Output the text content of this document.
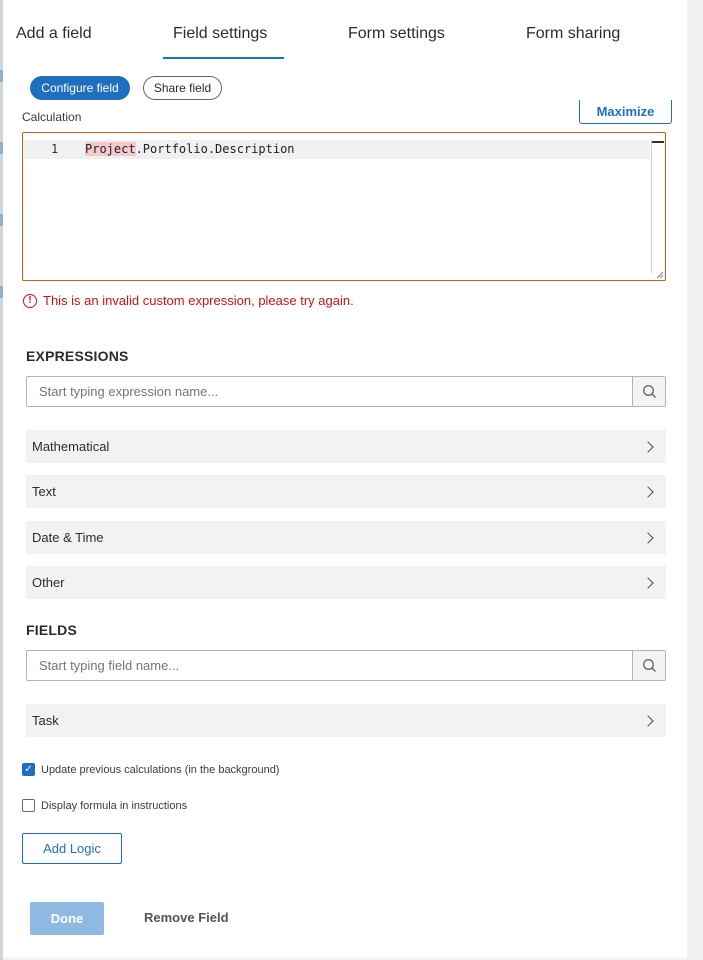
Add a field	Field settings	Form settings	Form sharing
Configure field	Share field
Maximize
Calculation
1 Project.Portfolio.Description
! This is an invalid custom expression, please try again.
EXPRESSIONS
Start typing expression name...
Mathematical
Text
Date & Time
Other
FIELDS
Start typing field name...
Task
✓ Update previous calculations (in the background)
Display formula in instructions
Add Logic
Done	Remove Field
